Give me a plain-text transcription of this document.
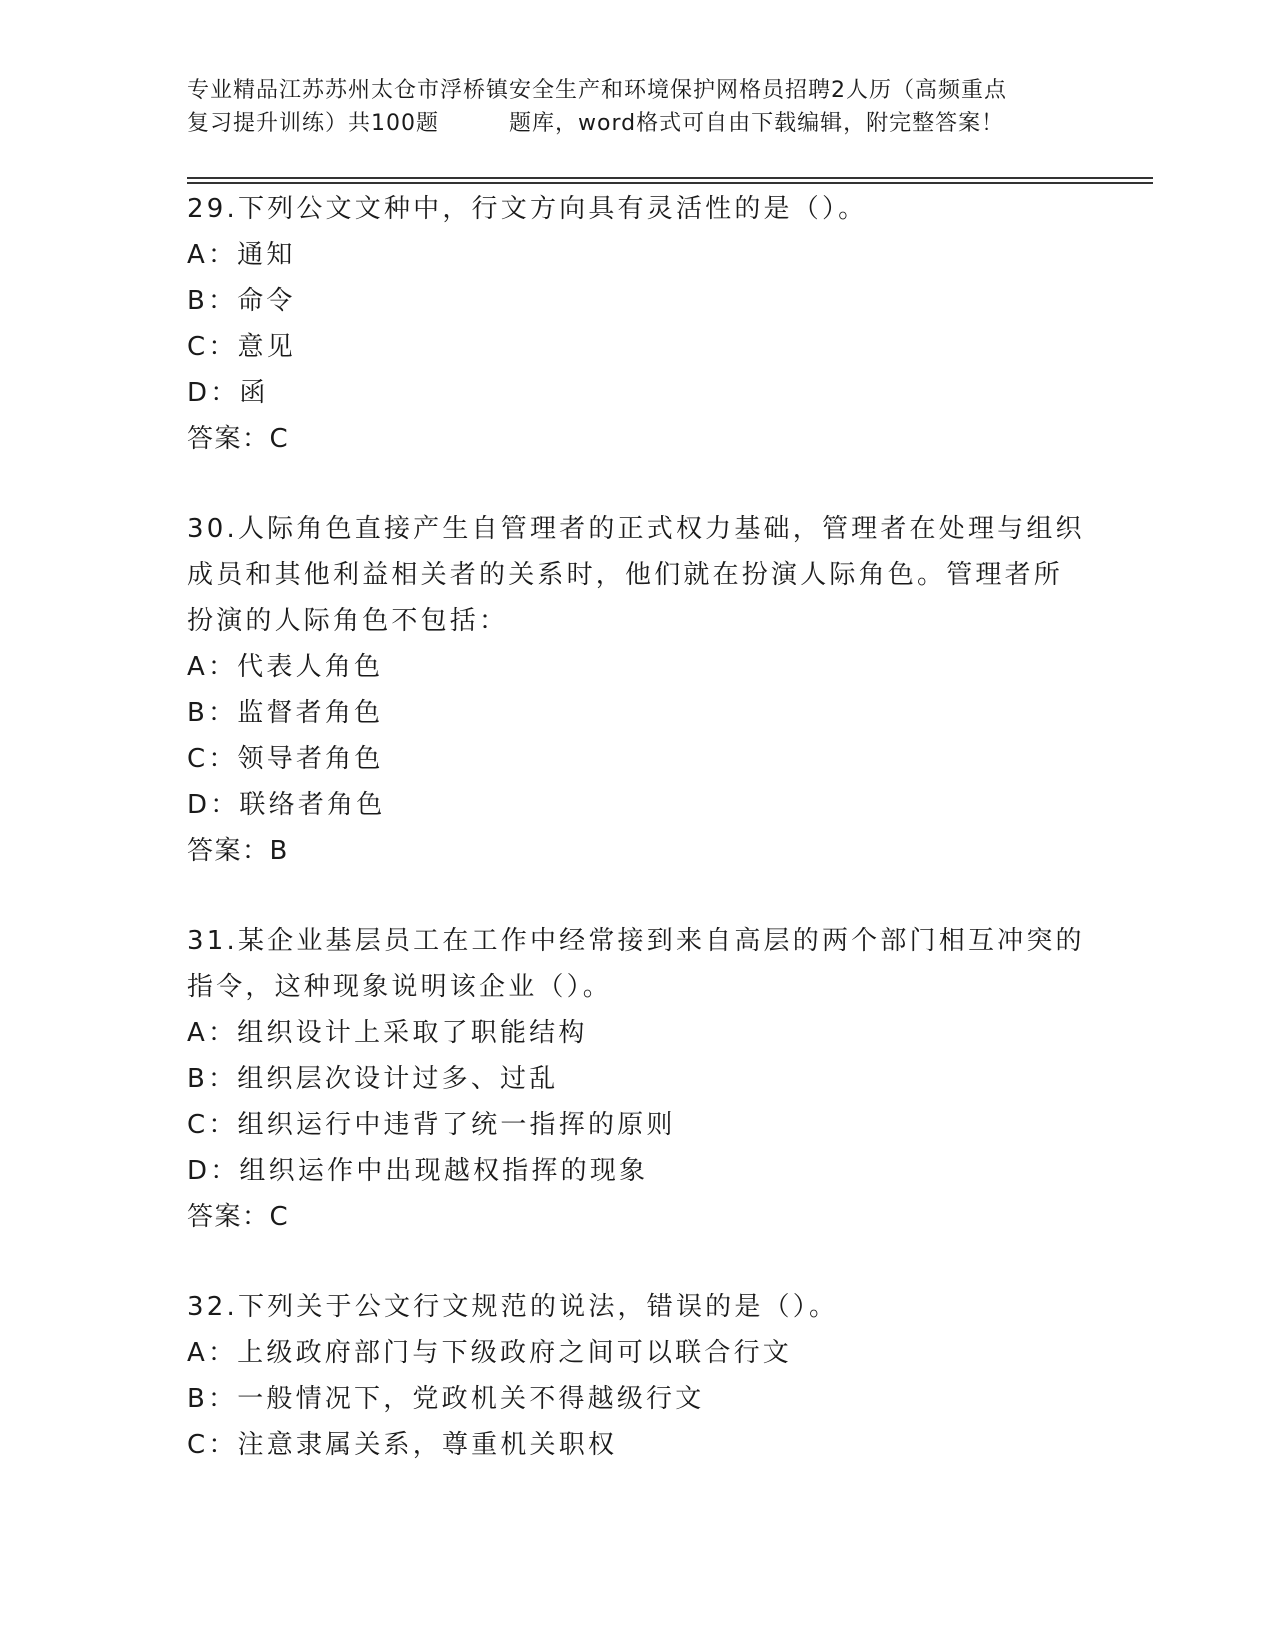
专业精品江苏苏州太仓市浮桥镇安全生产和环境保护网格员招聘2人历（高频重点
复习提升训练）共100题	题库，word格式可自由下载编辑，附完整答案！

29.下列公文文种中，行文方向具有灵活性的是（）。

A：通知

B：命令

C：意见

D：函

答案：C

30.人际角色直接产生自管理者的正式权力基础，管理者在处理与组织成员和其他利益相关者的关系时，他们就在扮演人际角色。管理者所扮演的人际角色不包括：

A：代表人角色

B：监督者角色

C：领导者角色

D：联络者角色

答案：B

31.某企业基层员工在工作中经常接到来自高层的两个部门相互冲突的指令，这种现象说明该企业（）。

A：组织设计上采取了职能结构

B：组织层次设计过多、过乱

C：组织运行中违背了统一指挥的原则

D：组织运作中出现越权指挥的现象

答案：C

32.下列关于公文行文规范的说法，错误的是（）。

A：上级政府部门与下级政府之间可以联合行文

B：一般情况下，党政机关不得越级行文

C：注意隶属关系，尊重机关职权
